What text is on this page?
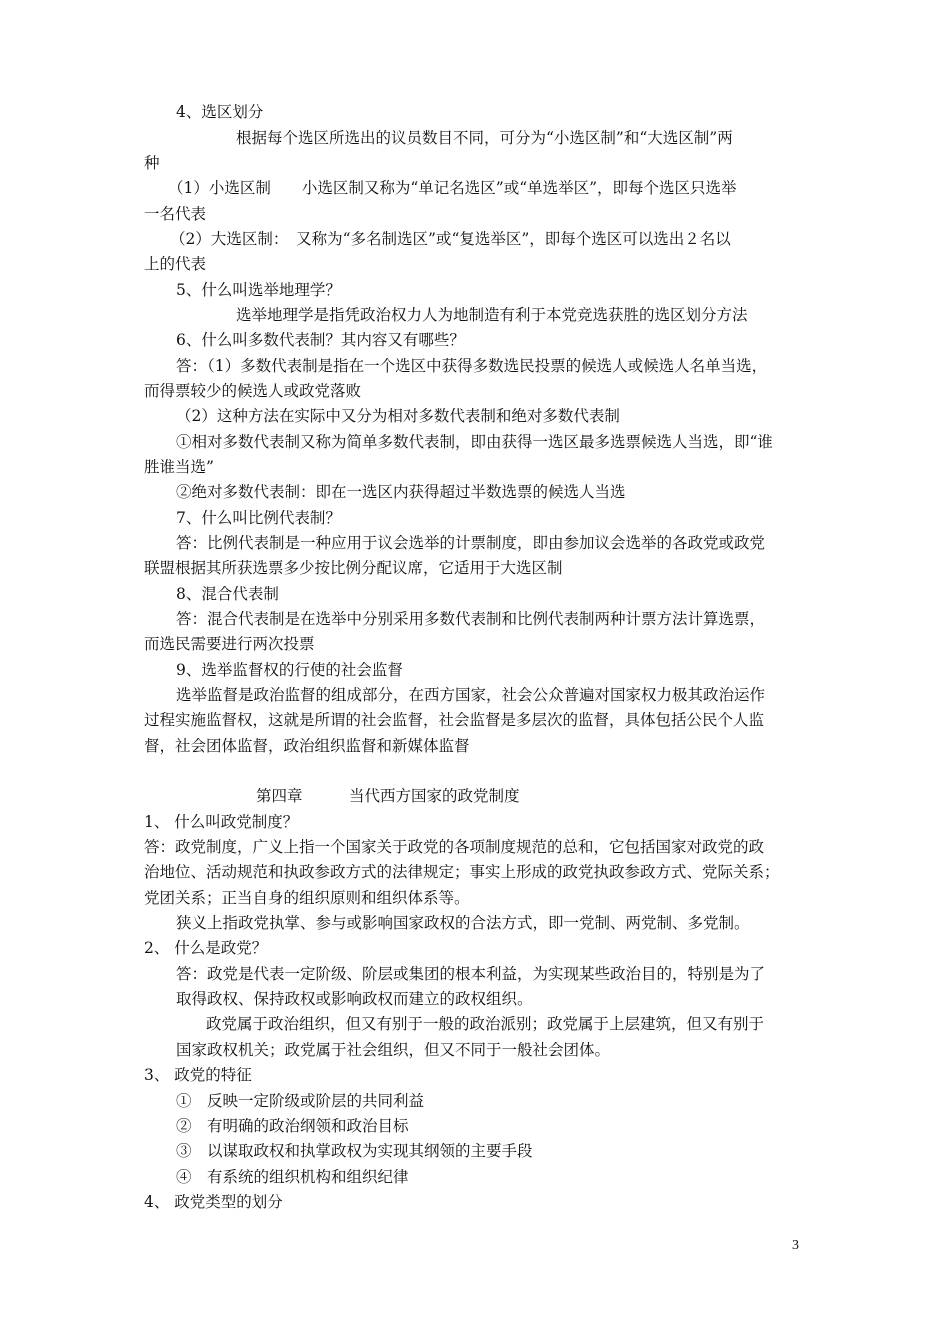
4、选区划分
根据每个选区所选出的议员数目不同，可分为“小选区制”和“大选区制”两
种
（1）小选区制　　小选区制又称为“单记名选区”或“单选举区”，即每个选区只选举
一名代表
（2）大选区制：　又称为“多名制选区”或“复选举区”，即每个选区可以选出２名以
上的代表
5、什么叫选举地理学？
选举地理学是指凭政治权力人为地制造有利于本党竞选获胜的选区划分方法
6、什么叫多数代表制？其内容又有哪些？
答：（1）多数代表制是指在一个选区中获得多数选民投票的候选人或候选人名单当选，
而得票较少的候选人或政党落败
（2）这种方法在实际中又分为相对多数代表制和绝对多数代表制
①相对多数代表制又称为简单多数代表制，即由获得一选区最多选票候选人当选，即“谁
胜谁当选”
②绝对多数代表制：即在一选区内获得超过半数选票的候选人当选
7、什么叫比例代表制？
答：比例代表制是一种应用于议会选举的计票制度，即由参加议会选举的各政党或政党
联盟根据其所获选票多少按比例分配议席，它适用于大选区制
8、混合代表制
答：混合代表制是在选举中分别采用多数代表制和比例代表制两种计票方法计算选票，
而选民需要进行两次投票
9、选举监督权的行使的社会监督
选举监督是政治监督的组成部分，在西方国家，社会公众普遍对国家权力极其政治运作
过程实施监督权，这就是所谓的社会监督，社会监督是多层次的监督，具体包括公民个人监
督，社会团体监督，政治组织监督和新媒体监督
第四章　　　当代西方国家的政党制度
1、 什么叫政党制度？
答：政党制度，广义上指一个国家关于政党的各项制度规范的总和，它包括国家对政党的政
治地位、活动规范和执政参政方式的法律规定；事实上形成的政党执政参政方式、党际关系；
党团关系；正当自身的组织原则和组织体系等。
狭义上指政党执掌、参与或影响国家政权的合法方式，即一党制、两党制、多党制。
2、 什么是政党？
答：政党是代表一定阶级、阶层或集团的根本利益，为实现某些政治目的，特别是为了
取得政权、保持政权或影响政权而建立的政权组织。
政党属于政治组织，但又有别于一般的政治派别；政党属于上层建筑，但又有别于
国家政权机关；政党属于社会组织，但又不同于一般社会团体。
3、 政党的特征
①　反映一定阶级或阶层的共同利益
②　有明确的政治纲领和政治目标
③　以谋取政权和执掌政权为实现其纲领的主要手段
④　有系统的组织机构和组织纪律
4、 政党类型的划分
3
